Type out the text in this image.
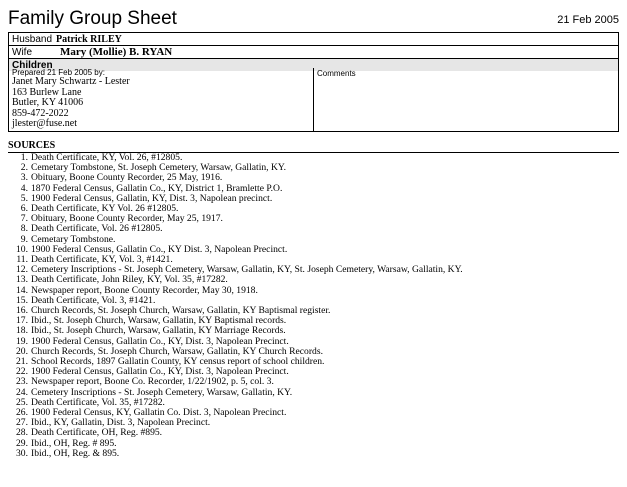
Family Group Sheet	21 Feb 2005
Husband Patrick RILEY
Wife	Mary (Mollie) B. RYAN
Children
Prepared 21 Feb 2005 by:
Janet Mary Schwartz - Lester
163 Burlew Lane
Butler, KY 41006
859-472-2022
jlester@fuse.net
Comments
SOURCES
1. Death Certificate, KY, Vol. 26, #12805.
2. Cemetary Tombstone, St. Joseph Cemetery, Warsaw, Gallatin, KY.
3. Obituary, Boone County Recorder, 25 May, 1916.
4. 1870 Federal Census, Gallatin Co., KY, District 1, Bramlette P.O.
5. 1900 Federal Census, Gallatin, KY, Dist. 3, Napolean precinct.
6. Death Certificate, KY Vol. 26 #12805.
7. Obituary, Boone County Recorder, May 25, 1917.
8. Death Certificate, Vol. 26 #12805.
9. Cemetary Tombstone.
10. 1900 Federal Census, Gallatin Co., KY Dist. 3, Napolean Precinct.
11. Death Certificate, KY, Vol. 3, #1421.
12. Cemetery Inscriptions - St. Joseph Cemetery, Warsaw, Gallatin, KY, St. Joseph Cemetery, Warsaw, Gallatin, KY.
13. Death Certificate, John Riley, KY, Vol. 35, #17282.
14. Newspaper report, Boone County Recorder, May 30, 1918.
15. Death Certificate, Vol. 3, #1421.
16. Church Records, St. Joseph Church, Warsaw, Gallatin, KY Baptismal register.
17. Ibid., St. Joseph Church, Warsaw, Gallatin, KY Baptismal records.
18. Ibid., St. Joseph Church, Warsaw, Gallatin, KY Marriage Records.
19. 1900 Federal Census, Gallatin Co., KY, Dist. 3, Napolean Precinct.
20. Church Records, St. Joseph Church, Warsaw, Gallatin, KY Church Records.
21. School Records, 1897 Gallatin County, KY census report of school children.
22. 1900 Federal Census, Gallatin Co., KY, Dist. 3, Napolean Precinct.
23. Newspaper report, Boone Co. Recorder, 1/22/1902, p. 5, col. 3.
24. Cemetery Inscriptions - St. Joseph Cemetery, Warsaw, Gallatin, KY.
25. Death Certificate, Vol. 35, #17282.
26. 1900 Federal Census, KY, Gallatin Co. Dist. 3, Napolean Precinct.
27. Ibid., KY, Gallatin, Dist. 3, Napolean Precinct.
28. Death Certificate, OH, Reg. #895.
29. Ibid., OH, Reg. # 895.
30. Ibid., OH, Reg. & 895.
